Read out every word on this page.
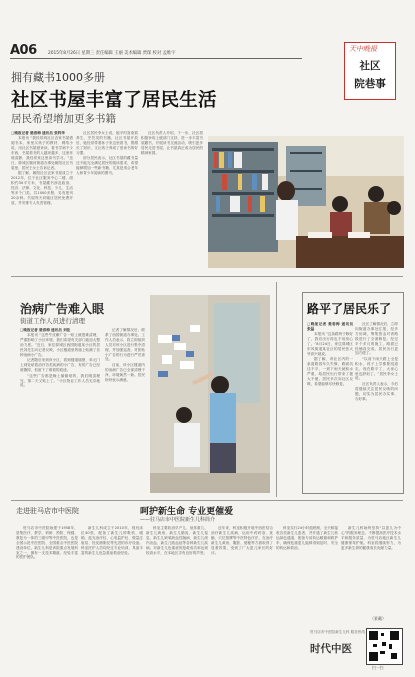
A06	2015年8月26日 星期三 责任编辑 王丽 美术编辑 贾琛 校对 孟维宇
天中晚报
社区
院巷事
拥有藏书1000多册
社区书屋丰富了居民生活
居民希望增加更多书籍

□晚报记者 楚春梅 通讯员 张利华

本报讯 “我经常到社区农家书屋借阅书本，家里买孩子的教材、网络小说，用社区书屋借来读，看书学到不少东西，书屋看书的人越来越多，这里环境清静，我经常来这里读书学习。”近日，驿城区顺河街道办事处朝阳社区书屋里，居民王女士告诉记者。

据了解，朝阳社区农家书屋成立于2012年，位于社区服务中心二楼，面积约30平方米，书屋藏书涉及政治、经济、法律、文化、科技、少儿、生活等多个门类，共1000多册，另有报刊20余种。书屋每天向辖区居民免费开放，并安排专人负责管理。

社区居民李女士说，她平时喜欢看养生、烹饪类的书籍，社区书屋开放后，她经常带着孙子来这里看书，既增长了知识，又让孩子养成了爱读书的好习惯。

部分居民表示，社区书屋的藏书量还不能完全满足居民的阅读需求，希望能够增加一些新书籍，尤其是适合老年人和青少年阅读的图书。

社区负责人介绍，下一步，社区将积极争取上级部门支持，进一步丰富书屋藏书，开展读书交流活动，吸引更多居民走进书屋，让书屋真正成为居民的精神家园。

治病广告难入眼
街道工作人员进行清理

□晚报记者 楚春梅 通讯员 刘佳

本报讯 “这些牛皮癣广告一贴上就很难清理，严重影响了小区环境，我们希望有关部门能加大整治力度。”近日，家住驿城区西园街道某小区的居民刘先生向记者反映，小区楼道里的墙上贴满了各种治病小广告。

记者随后来到该小区，看到楼道墙壁、单元门上到处贴着治疗各类疾病的小广告，有的广告已经被撕掉，但留下了难看的痕迹。

“这些广告都是晚上偷偷贴的，我们刚清理完，第二天又贴上了。”小区物业工作人员无奈地说。

记者了解情况后，联系了西园街道办事处。工作人员表示，将立即组织人员对该小区进行集中清理，并加强巡查，对张贴小广告的行为进行严厉查处。

目前，该小区楼道内的治病广告已全部清理干净，环境焕然一新。居民纷纷表示满意。

路平了居民乐了

□晚报记者 楚春梅 通讯员 张磊

本报讯 “这条路终于修好了，我们出行再也不用担心了。”8月24日，家住驿城区东风街道某社区的居民张大爷高兴地说。

据了解，该社区内的一条道路因年久失修，路面坑洼不平，一到下雨天就积水严重，给居民出行带来了极大不便。居民多次向社区反映，希望能够尽快修复。

社区了解情况后，立即向街道办事处汇报，经多方协调，筹集资金对该路段进行了全面修复。经过半个多月的施工，路面已经铺设完成，居民出行更加方便了。

“以前下雨天路上全是积水，孩子上学都要绕道走，现在路平了，大家心里也舒坦了。”居民李女士说。

社区负责人表示，今后将继续关注居民反映的问题，切实为居民办实事、办好事。

走进驻马店市中医院	呵护新生命 专业更催爱
——驻马店市中医院新生儿科简介

驻马店市中医院始建于1958年，是集医疗、教学、科研、预防、保健、康复为一体的三级甲等中医医院，也是全国示范中医医院、全国重点中医医院建设单位。新生儿科是该院重点发展科室之一，拥有一支技术精湛、经验丰富的医护团队。

新生儿科成立于2010年，现有床位40张，配备了新生儿呼吸机、暖箱、蓝光治疗仪、心电监护仪、微量注射泵、经皮测胆仪等先进的诊疗设备。科室医护人员均经过专业培训，具备丰富的新生儿危急重症救治经验。

科室主要收治早产儿、低体重儿、新生儿黄疸、新生儿肺炎、新生儿窒息、新生儿缺氧缺血性脑病、新生儿颅内出血、新生儿败血症等各种新生儿疾病。对新生儿危重症的抢救成功率达到较高水平，在本地区享有良好的声誉。

近年来，科室积极开展中西医结合治疗新生儿疾病，运用中药药浴、抚触、穴位按摩等中医特色疗法，在治疗新生儿黄疸、腹胀、便秘等方面取得了显著效果，受到了广大患儿家长的好评。

科室实行24小时值班制，全天候接收各类新生儿患者，并开通了新生儿转运绿色通道，配备专用转运暖箱和救护车，确保危重患儿能够得到及时、安全的转运和救治。

新生儿科始终坚持“以患儿为中心”的服务理念，不断提高医疗技术水平和服务质量，为驻马店地区新生儿健康保驾护航。科室将继续努力，为更多新生命的健康成长贡献力量。

（景戴）
驻马店市中医院新生儿科 服务热线
时代中医
扫一扫
